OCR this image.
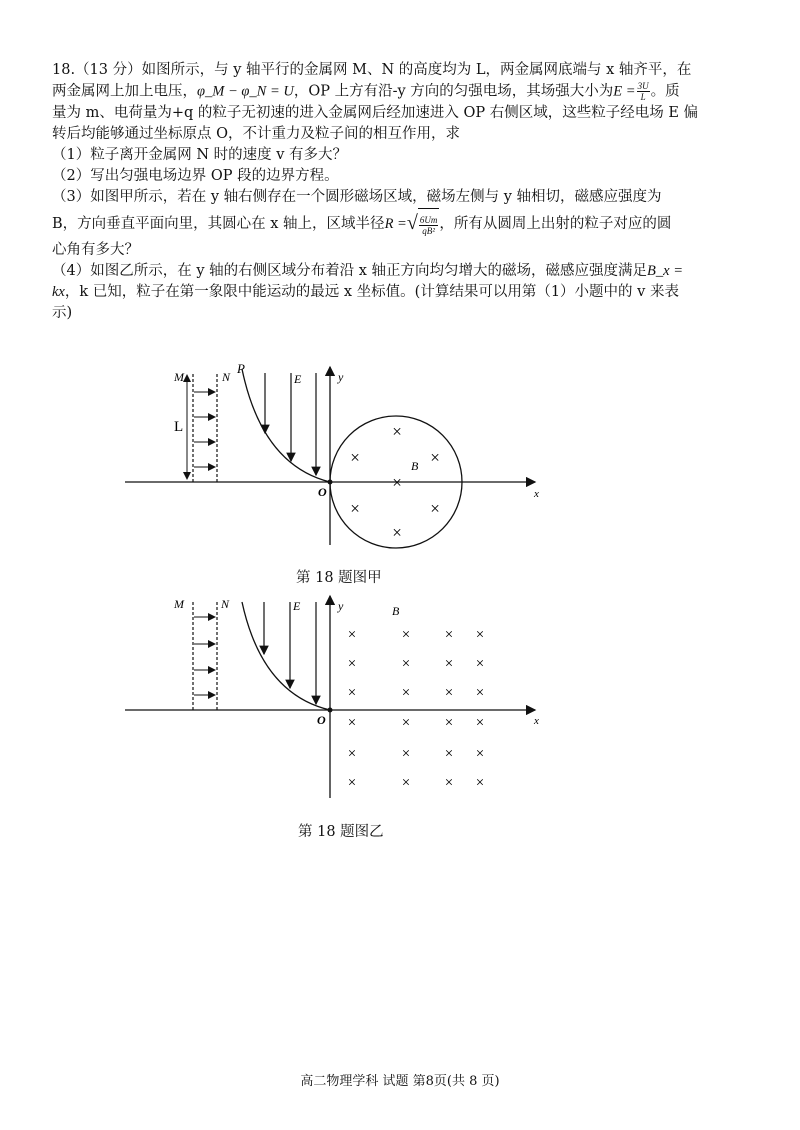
18.（13 分）如图所示，与 y 轴平行的金属网 M、N 的高度均为 L，两金属网底端与 x 轴齐平，在

两金属网上加上电压，φ_M − φ_N = U，OP 上方有沿-y 方向的匀强电场，其场强大小为$E = \frac{3U}{L}$ 。质

量为 m、电荷量为+q 的粒子无初速的进入金属网后经加速进入 OP 右侧区域，这些粒子经电场 E 偏

转后均能够通过坐标原点 O，不计重力及粒子间的相互作用，求

（1）粒子离开金属网 N 时的速度 v 有多大？

（2）写出匀强电场边界 OP 段的边界方程。

（3）如图甲所示，若在 y 轴右侧存在一个圆形磁场区域，磁场左侧与 y 轴相切，磁感应强度为

B，方向垂直平面向里，其圆心在 x 轴上，区域半径R =√ $\frac{6Um}{\text{qB²}}$ ，所有从圆周上出射的粒子对应的圆

心角有多大？

（4）如图乙所示，在 y 轴的右侧区域分布着沿 x 轴正方向均匀增大的磁场，磁感应强度满足B_x =

kx，k 已知，粒子在第一象限中能运动的最远 x 坐标值。(计算结果可以用第（1）小题中的 v 来表

示)

×
×	×
×
×	×
×
M	N
P
E	y
L
B
O	x
第 18 题图甲
×	× × ×
×	× × ×
×	× × ×
×	× × ×
×	× × ×
×	× × ×
M	N	E	y	B
O	x
第 18 题图乙
高二物理学科 试题 第8页(共 8 页)
